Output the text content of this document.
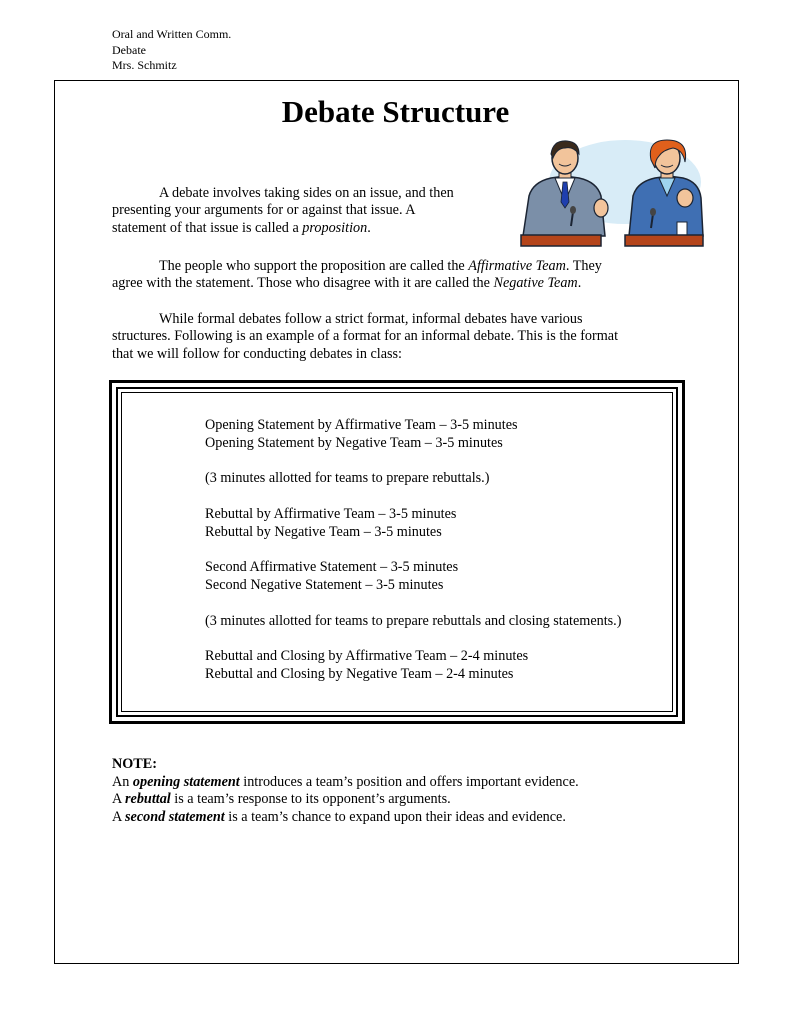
Oral and Written Comm.
Debate
Mrs. Schmitz
Debate Structure

A debate involves taking sides on an issue, and then
presenting your arguments for or against that issue. A
statement of that issue is called a proposition.

The people who support the proposition are called the Affirmative Team. They
agree with the statement. Those who disagree with it are called the Negative Team.

While formal debates follow a strict format, informal debates have various
structures. Following is an example of a format for an informal debate. This is the format
that we will follow for conducting debates in class:

Opening Statement by Affirmative Team – 3-5 minutes
Opening Statement by Negative Team – 3-5 minutes
(3 minutes allotted for teams to prepare rebuttals.)
Rebuttal by Affirmative Team – 3-5 minutes
Rebuttal by Negative Team – 3-5 minutes
Second Affirmative Statement – 3-5 minutes
Second Negative Statement – 3-5 minutes
(3 minutes allotted for teams to prepare rebuttals and closing statements.)
Rebuttal and Closing by Affirmative Team – 2-4 minutes
Rebuttal and Closing by Negative Team – 2-4 minutes
NOTE:
An opening statement introduces a team’s position and offers important evidence.
A rebuttal is a team’s response to its opponent’s arguments.
A second statement is a team’s chance to expand upon their ideas and evidence.
